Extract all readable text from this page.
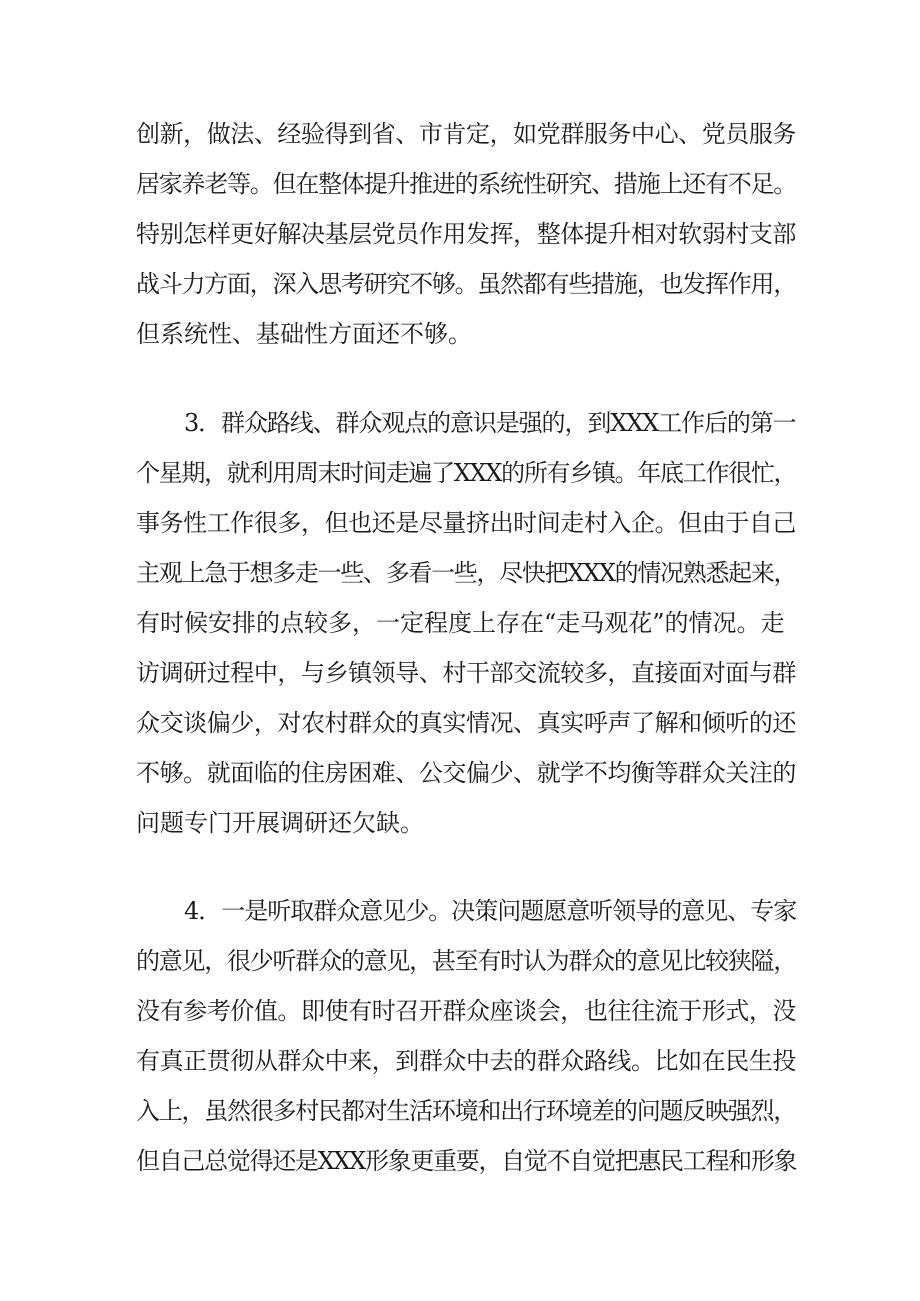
创新，做法、经验得到省、市肯定，如党群服务中心、党员服务
居家养老等。但在整体提升推进的系统性研究、措施上还有不足。
特别怎样更好解决基层党员作用发挥，整体提升相对软弱村支部
战斗力方面，深入思考研究不够。虽然都有些措施，也发挥作用，
但系统性、基础性方面还不够。
3．群众路线、群众观点的意识是强的，到XXX工作后的第一
个星期，就利用周末时间走遍了XXX的所有乡镇。年底工作很忙，
事务性工作很多，但也还是尽量挤出时间走村入企。但由于自己
主观上急于想多走一些、多看一些，尽快把XXX的情况熟悉起来，
有时候安排的点较多，一定程度上存在“走马观花”的情况。走
访调研过程中，与乡镇领导、村干部交流较多，直接面对面与群
众交谈偏少，对农村群众的真实情况、真实呼声了解和倾听的还
不够。就面临的住房困难、公交偏少、就学不均衡等群众关注的
问题专门开展调研还欠缺。
4．一是听取群众意见少。决策问题愿意听领导的意见、专家
的意见，很少听群众的意见，甚至有时认为群众的意见比较狭隘，
没有参考价值。即使有时召开群众座谈会，也往往流于形式，没
有真正贯彻从群众中来，到群众中去的群众路线。比如在民生投
入上，虽然很多村民都对生活环境和出行环境差的问题反映强烈，
但自己总觉得还是XXX形象更重要，自觉不自觉把惠民工程和形象
